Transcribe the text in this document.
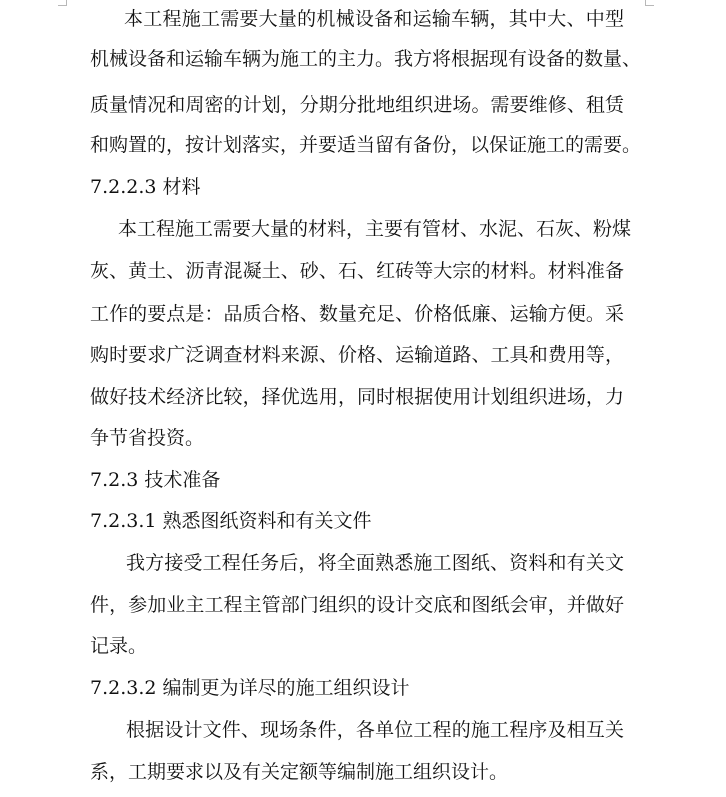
本工程施工需要大量的机械设备和运输车辆，其中大、中型
机械设备和运输车辆为施工的主力。我方将根据现有设备的数量、
质量情况和周密的计划，分期分批地组织进场。需要维修、租赁
和购置的，按计划落实，并要适当留有备份，以保证施工的需要。
7.2.2.3 材料
本工程施工需要大量的材料，主要有管材、水泥、石灰、粉煤
灰、黄土、沥青混凝土、砂、石、红砖等大宗的材料。材料准备
工作的要点是：品质合格、数量充足、价格低廉、运输方便。采
购时要求广泛调查材料来源、价格、运输道路、工具和费用等，
做好技术经济比较，择优选用，同时根据使用计划组织进场，力
争节省投资。
7.2.3 技术准备
7.2.3.1 熟悉图纸资料和有关文件
我方接受工程任务后，将全面熟悉施工图纸、资料和有关文
件，参加业主工程主管部门组织的设计交底和图纸会审，并做好
记录。
7.2.3.2 编制更为详尽的施工组织设计
根据设计文件、现场条件，各单位工程的施工程序及相互关
系，工期要求以及有关定额等编制施工组织设计。
